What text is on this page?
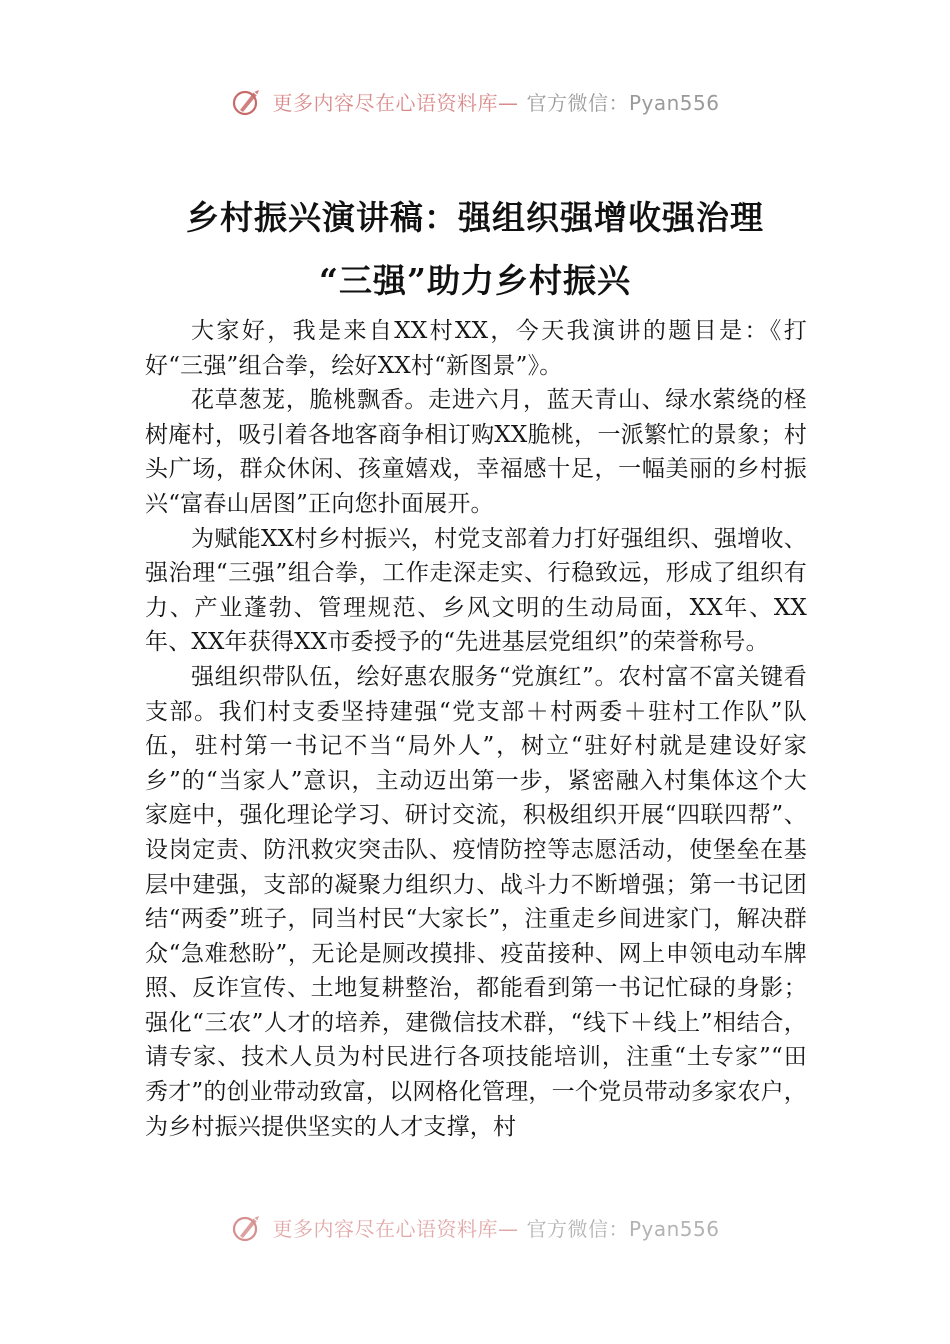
更多内容尽在心语资料库— 官方微信：Pyan556
乡村振兴演讲稿：强组织强增收强治理
“三强”助力乡村振兴

大家好，我是来自XX村XX，今天我演讲的题目是：《打好“三强”组合拳，绘好XX村“新图景”》。

花草葱茏，脆桃飘香。走进六月，蓝天青山、绿水萦绕的柽树庵村，吸引着各地客商争相订购XX脆桃，一派繁忙的景象；村头广场，群众休闲、孩童嬉戏，幸福感十足，一幅美丽的乡村振兴“富春山居图”正向您扑面展开。

为赋能XX村乡村振兴，村党支部着力打好强组织、强增收、强治理“三强”组合拳，工作走深走实、行稳致远，形成了组织有力、产业蓬勃、管理规范、乡风文明的生动局面，XX年、XX年、XX年获得XX市委授予的“先进基层党组织”的荣誉称号。

强组织带队伍，绘好惠农服务“党旗红”。农村富不富关键看支部。我们村支委坚持建强“党支部＋村两委＋驻村工作队”队伍，驻村第一书记不当“局外人”，树立“驻好村就是建设好家乡”的“当家人”意识，主动迈出第一步，紧密融入村集体这个大家庭中，强化理论学习、研讨交流，积极组织开展“四联四帮”、设岗定责、防汛救灾突击队、疫情防控等志愿活动，使堡垒在基层中建强，支部的凝聚力组织力、战斗力不断增强；第一书记团结“两委”班子，同当村民“大家长”，注重走乡间进家门，解决群众“急难愁盼”，无论是厕改摸排、疫苗接种、网上申领电动车牌照、反诈宣传、土地复耕整治，都能看到第一书记忙碌的身影；强化“三农”人才的培养，建微信技术群，“线下＋线上”相结合，请专家、技术人员为村民进行各项技能培训，注重“土专家”“田秀才”的创业带动致富，以网格化管理，一个党员带动多家农户，为乡村振兴提供坚实的人才支撑，村

更多内容尽在心语资料库— 官方微信：Pyan556
